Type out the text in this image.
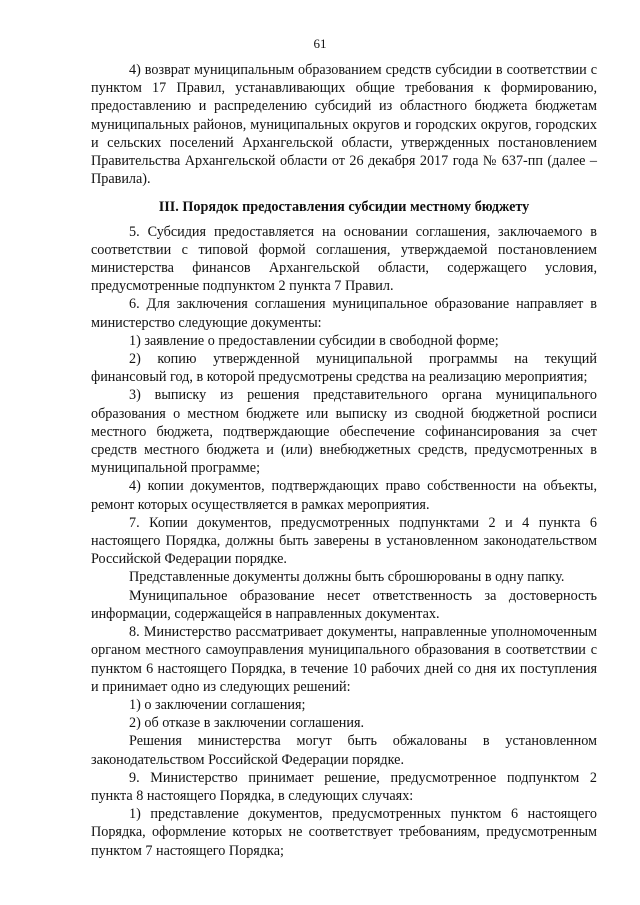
61

4) возврат муниципальным образованием средств субсидии в соответствии с пунктом 17 Правил, устанавливающих общие требования к формированию, предоставлению и распределению субсидий из областного бюджета бюджетам муниципальных районов, муниципальных округов и городских округов, городских и сельских поселений Архангельской области, утвержденных постановлением Правительства Архангельской области от 26 декабря 2017 года № 637-пп (далее – Правила).

III. Порядок предоставления субсидии местному бюджету

5. Субсидия предоставляется на основании соглашения, заключаемого в соответствии с типовой формой соглашения, утверждаемой постановлением министерства финансов Архангельской области, содержащего условия, предусмотренные подпунктом 2 пункта 7 Правил.

6. Для заключения соглашения муниципальное образование направляет в министерство следующие документы:

1) заявление о предоставлении субсидии в свободной форме;

2) копию утвержденной муниципальной программы на текущий финансовый год, в которой предусмотрены средства на реализацию мероприятия;

3) выписку из решения представительного органа муниципального образования о местном бюджете или выписку из сводной бюджетной росписи местного бюджета, подтверждающие обеспечение софинансирования за счет средств местного бюджета и (или) внебюджетных средств, предусмотренных в муниципальной программе;

4) копии документов, подтверждающих право собственности на объекты, ремонт которых осуществляется в рамках мероприятия.

7. Копии документов, предусмотренных подпунктами 2 и 4 пункта 6 настоящего Порядка, должны быть заверены в установленном законодательством Российской Федерации порядке.

Представленные документы должны быть сброшюрованы в одну папку.

Муниципальное образование несет ответственность за достоверность информации, содержащейся в направленных документах.

8. Министерство рассматривает документы, направленные уполномоченным органом местного самоуправления муниципального образования в соответствии с пунктом 6 настоящего Порядка, в течение 10 рабочих дней со дня их поступления и принимает одно из следующих решений:

1) о заключении соглашения;

2) об отказе в заключении соглашения.

Решения министерства могут быть обжалованы в установленном законодательством Российской Федерации порядке.

9. Министерство принимает решение, предусмотренное подпунктом 2 пункта 8 настоящего Порядка, в следующих случаях:

1) представление документов, предусмотренных пунктом 6 настоящего Порядка, оформление которых не соответствует требованиям, предусмотренным пунктом 7 настоящего Порядка;
